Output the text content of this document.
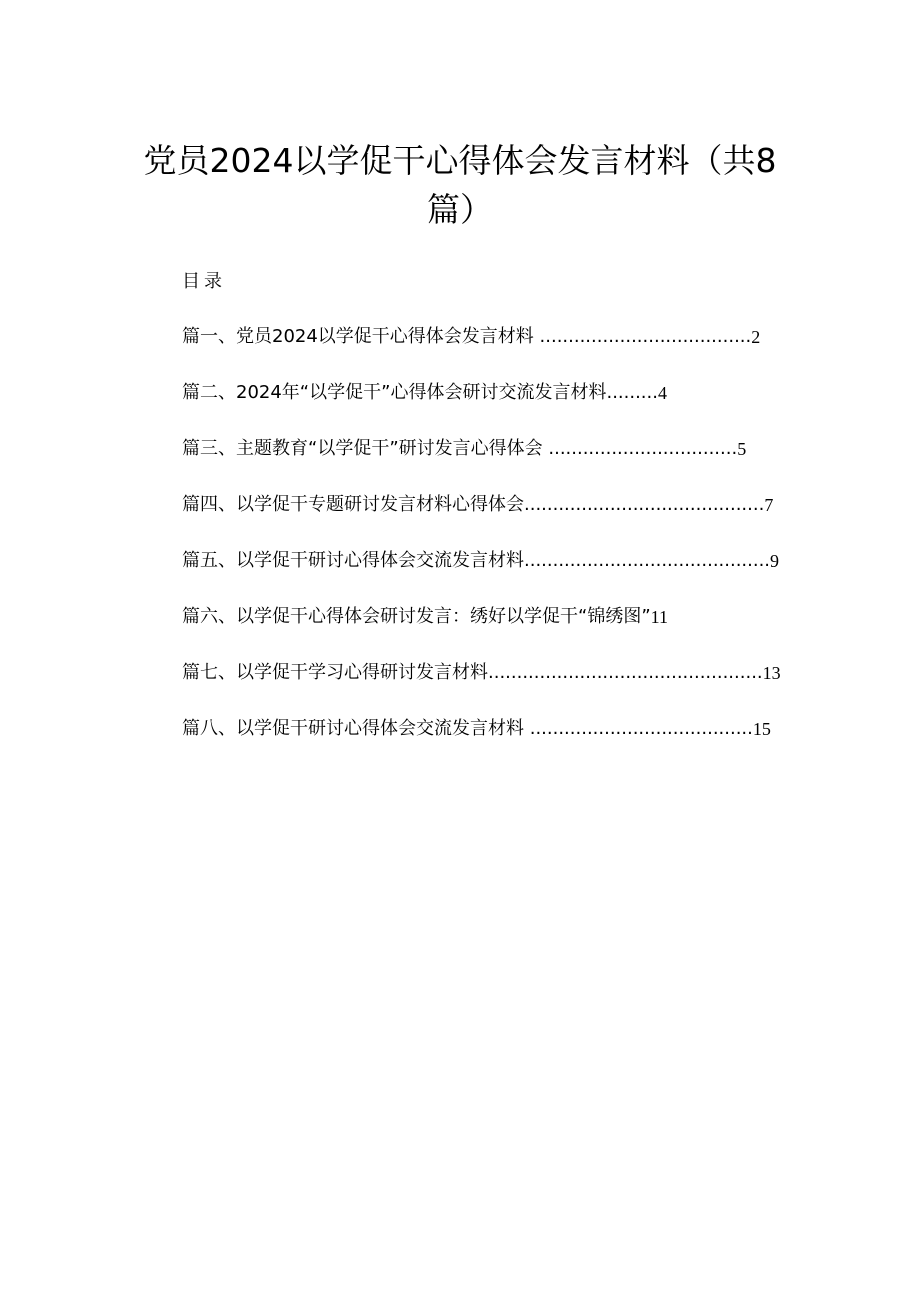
党员2024以学促干心得体会发言材料（共8
篇）

目录

篇一、党员2024以学促干心得体会发言材料 .....................................2
篇二、2024年“以学促干”心得体会研讨交流发言材料.........4
篇三、主题教育“以学促干”研讨发言心得体会 .................................5
篇四、以学促干专题研讨发言材料心得体会..........................................7
篇五、以学促干研讨心得体会交流发言材料...........................................9
篇六、以学促干心得体会研讨发言：绣好以学促干“锦绣图”11
篇七、以学促干学习心得研讨发言材料................................................13
篇八、以学促干研讨心得体会交流发言材料 .......................................15
